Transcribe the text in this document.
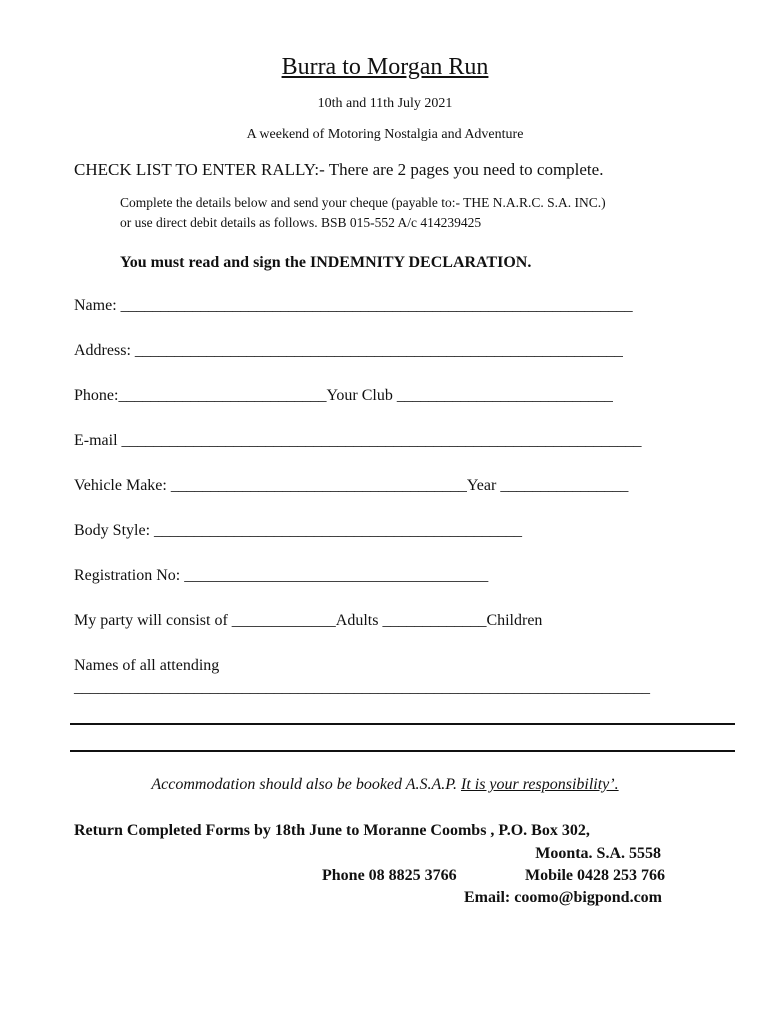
Burra to Morgan Run
10th and 11th July 2021
A weekend of Motoring Nostalgia and Adventure
CHECK LIST TO ENTER RALLY:- There are 2 pages you need to complete.
Complete the details below and send your cheque (payable to:- THE N.A.R.C. S.A. INC.)
or use direct debit details as follows. BSB 015-552 A/c 414239425
You must read and sign the INDEMNITY DECLARATION.
Name: ________________________________________________________________
Address: _____________________________________________________________
Phone:__________________________Your Club ___________________________
E-mail _________________________________________________________________
Vehicle Make: _____________________________________Year ________________
Body Style: ______________________________________________
Registration No: ______________________________________
My party will consist of _____________Adults _____________Children
Names of all attending
________________________________________________________________________
Accommodation should also be booked A.S.A.P. It is your responsibility’.
Return Completed Forms by 18th June to Moranne Coombs , P.O. Box 302,
Moonta. S.A. 5558
Phone 08 8825 3766	Mobile 0428 253 766
Email: coomo@bigpond.com
